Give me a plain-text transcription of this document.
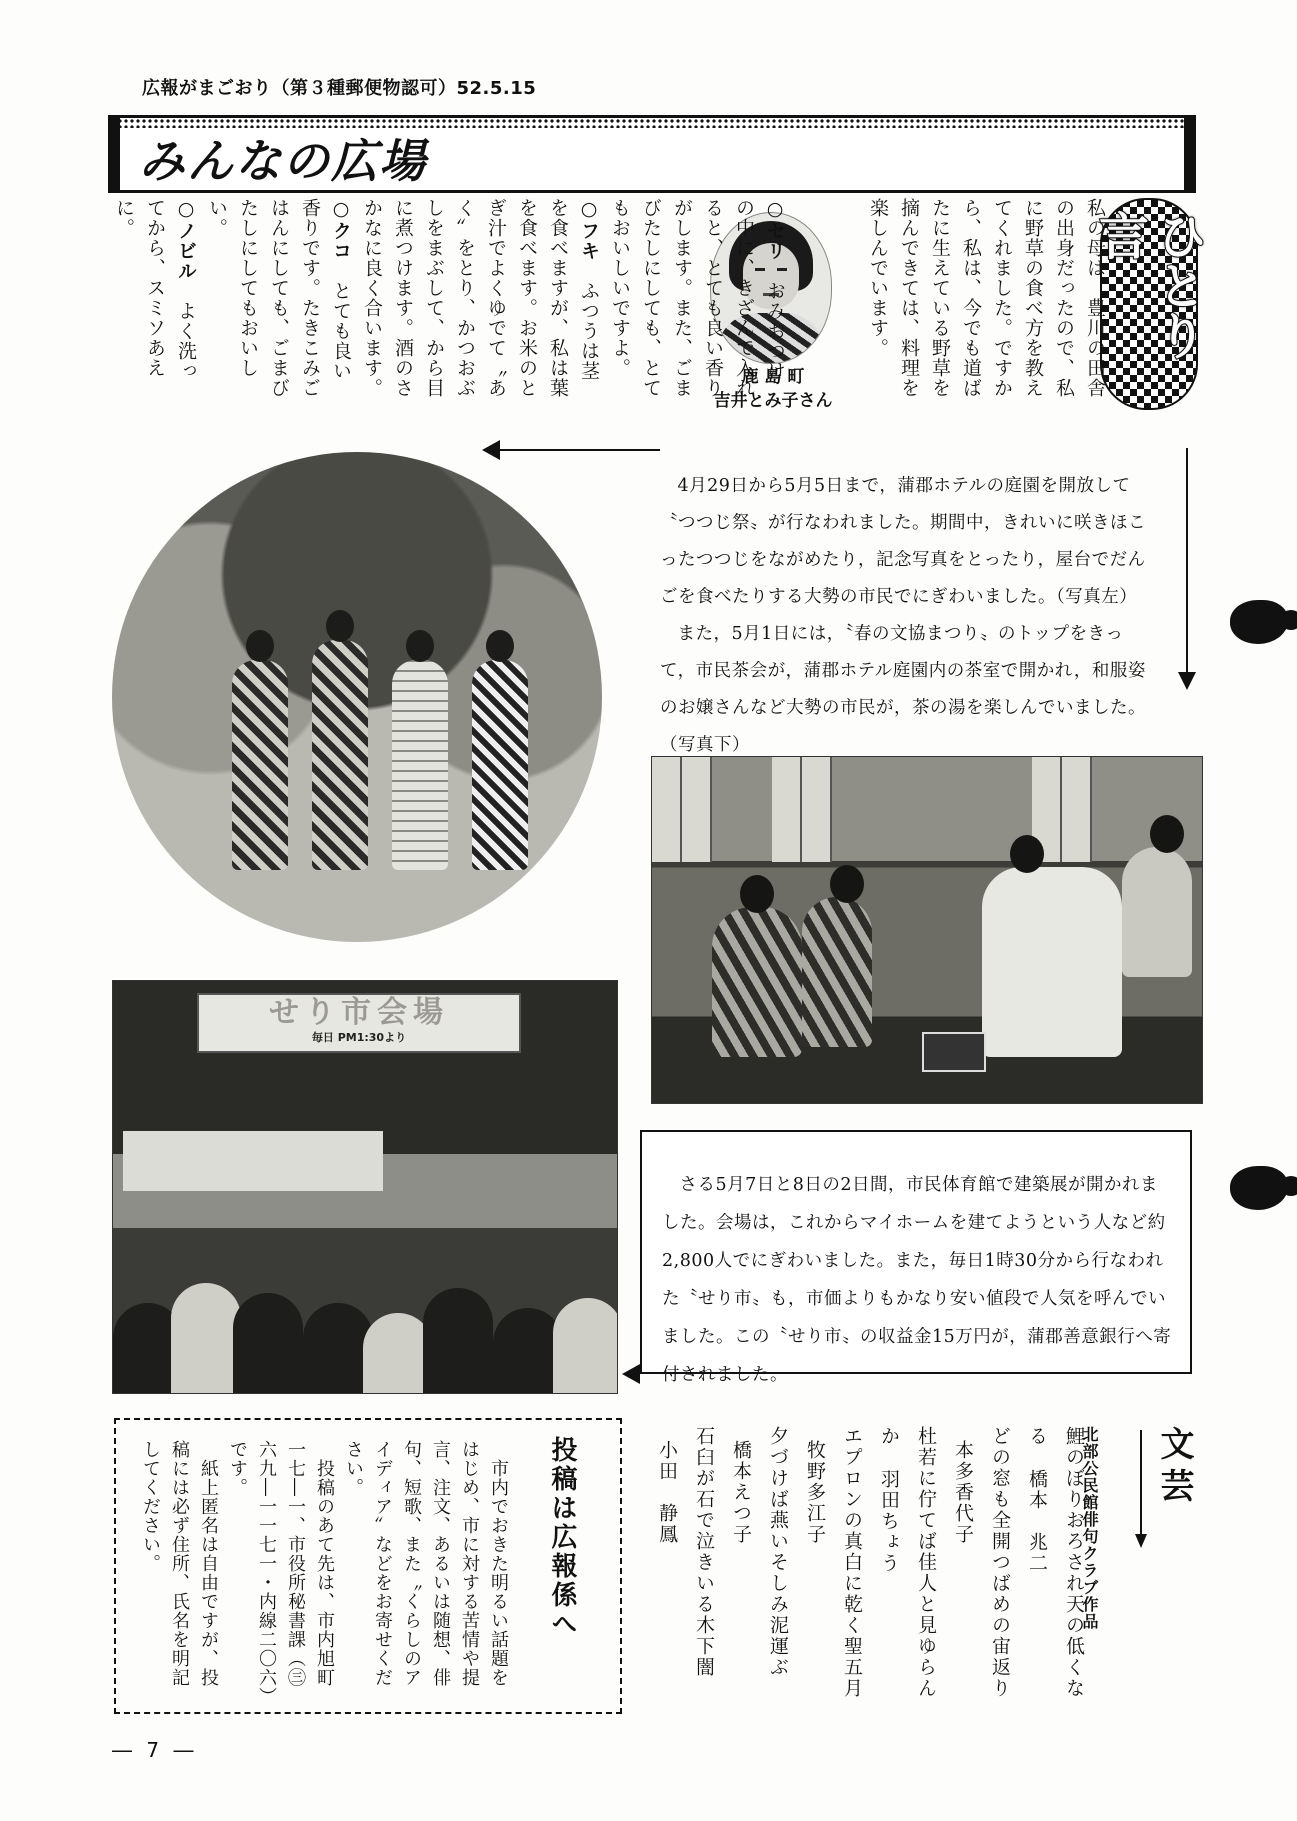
広報がまごおり（第３種郵便物認可）52.5.15
みんなの広場
ひとり言
私の母は、豊川の田舎の出身だったので、私に野草の食べ方を教えてくれました。ですから、私は、今でも道ばたに生えている野草を摘んできては、料理を楽しんでいます。
鹿 島 町
吉井とみ子さん
○セリ　おみおつけの中に、きざんで入れると、とても良い香りがします。また、ごまびたしにしても、とてもおいしいですよ。
○フキ　ふつうは茎を食べますが、私は葉を食べます。お米のとぎ汁でよくゆでて〝あく〟をとり、かつおぶしをまぶして、から目に煮つけます。酒のさかなに良く合います。
○クコ　とても良い香りです。たきこみごはんにしても、ごまびたしにしてもおいしい。
○ノビル　よく洗ってから、スミソあえに。

4月29日から5月5日まで，蒲郡ホテルの庭園を開放して〝つつじ祭〟が行なわれました。期間中，きれいに咲きほこったつつじをながめたり，記念写真をとったり，屋台でだんごを食べたりする大勢の市民でにぎわいました。（写真左）

また，5月1日には，〝春の文協まつり〟のトップをきって，市民茶会が，蒲郡ホテル庭園内の茶室で開かれ，和服姿のお嬢さんなど大勢の市民が，茶の湯を楽しんでいました。（写真下）

せり市会場
毎日 PM1:30より

さる5月7日と8日の2日間，市民体育館で建築展が開かれました。会場は，これからマイホームを建てようという人など約2,800人でにぎわいました。また，毎日1時30分から行なわれた〝せり市〟も，市価よりもかなり安い値段で人気を呼んでいました。この〝せり市〟の収益金15万円が，蒲郡善意銀行へ寄付されました。

投稿は広報係へ
　市内でおきた明るい話題をはじめ、市に対する苦情や提言、注文、あるいは随想、俳句、短歌、また〝くらしのアイディア〟などをお寄せください。
　投稿のあて先は、市内旭町一七―一、市役所秘書課（㊂六九―一一七一・内線二〇六）です。
　紙上匿名は自由ですが、投稿には必ず住所、氏名を明記してください。	文芸
北部公民館俳句クラブ作品
鯉のぼりおろされ天の低くなる 橋本　兆二
どの窓も全開つばめの宙返り 本多香代子
杜若に佇てば佳人と見ゆらんか 羽田ちょう
エプロンの真白に乾く聖五月 牧野多江子
夕づけば燕いそしみ泥運ぶ 橋本えつ子
石臼が石で泣きいる木下闇 小田　静鳳
― 7 ―
